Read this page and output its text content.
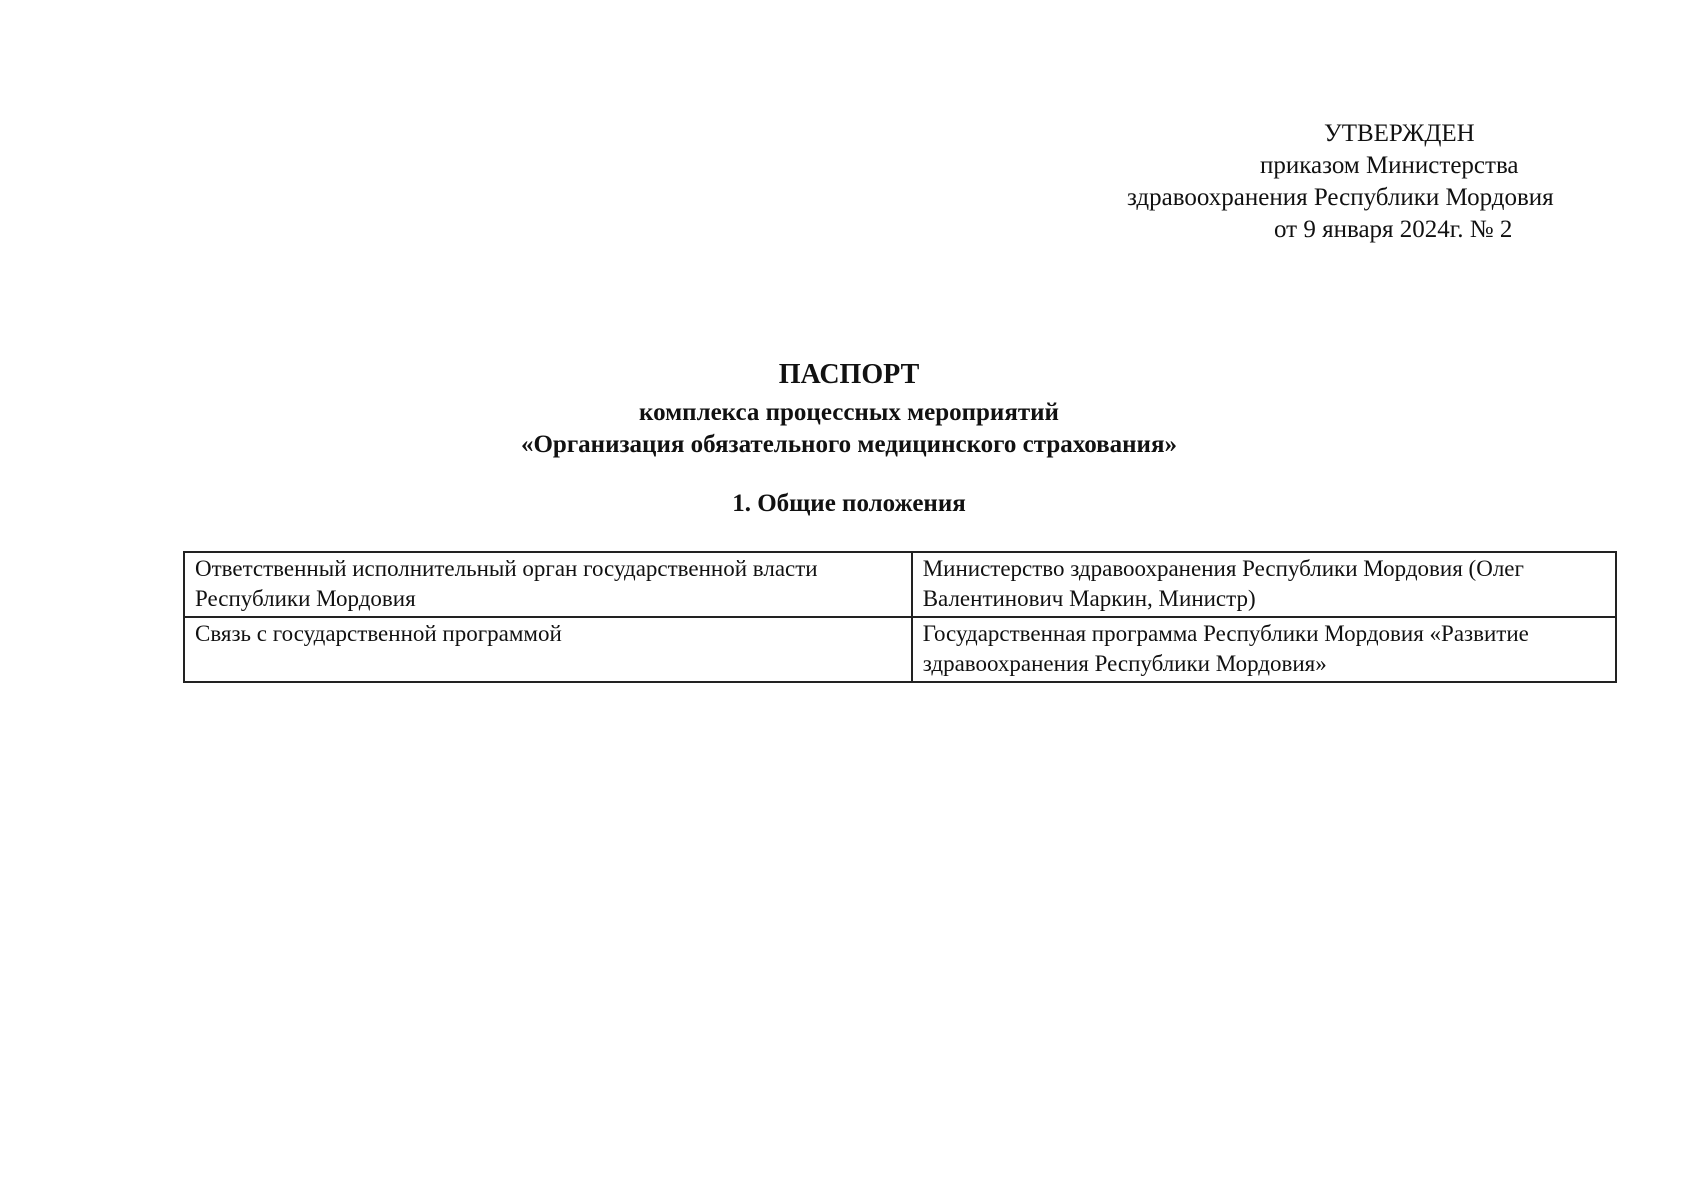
УТВЕРЖДЕН
приказом Министерства
здравоохранения Республики Мордовия
от 9 января 2024г. № 2
ПАСПОРТ
комплекса процессных мероприятий
«Организация обязательного медицинского страхования»
1. Общие положения
Ответственный исполнительный орган государственной власти Республики Мордовия	Министерство здравоохранения Республики Мордовия (Олег Валентинович Маркин, Министр)
Связь с государственной программой	Государственная программа Республики Мордовия «Развитие здравоохранения Республики Мордовия»
